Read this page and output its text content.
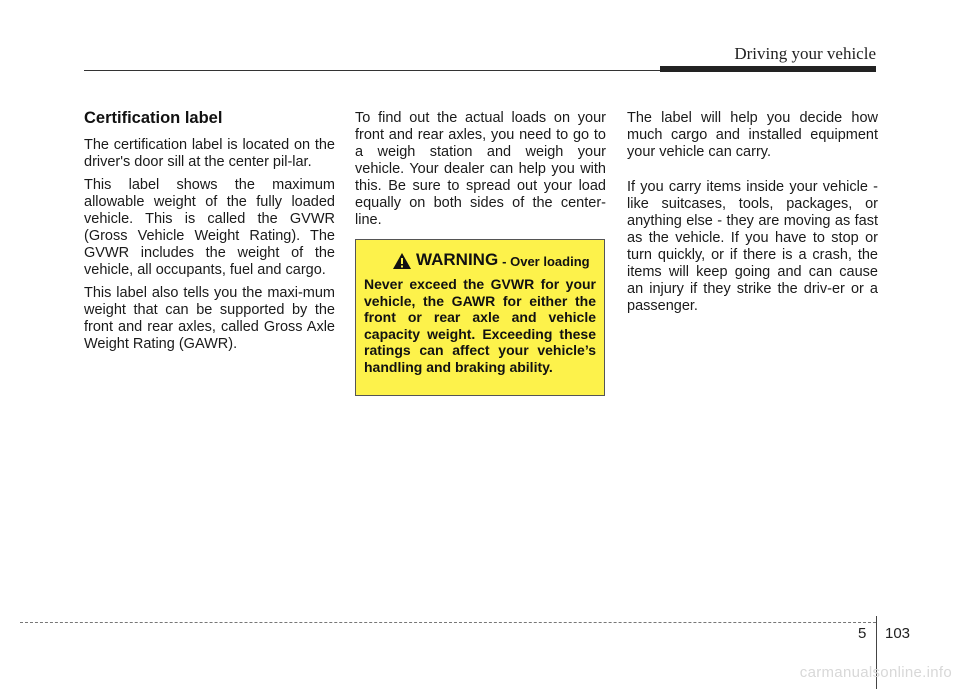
Driving your vehicle
Certification label

The certification label is located on the driver's door sill at the center pil-lar.

This label shows the maximum allowable weight of the fully loaded vehicle. This is called the GVWR (Gross Vehicle Weight Rating). The GVWR includes the weight of the vehicle, all occupants, fuel and cargo.

This label also tells you the maxi-mum weight that can be supported by the front and rear axles, called Gross Axle Weight Rating (GAWR).

To find out the actual loads on your front and rear axles, you need to go to a weigh station and weigh your vehicle. Your dealer can help you with this. Be sure to spread out your load equally on both sides of the center-line.

WARNING - Over loading
Never exceed the GVWR for your vehicle, the GAWR for either the front or rear axle and vehicle capacity weight. Exceeding these ratings can affect your vehicle’s handling and braking ability.

The label will help you decide how much cargo and installed equipment your vehicle can carry.

If you carry items inside your vehicle - like suitcases, tools, packages, or anything else - they are moving as fast as the vehicle. If you have to stop or turn quickly, or if there is a crash, the items will keep going and can cause an injury if they strike the driv-er or a passenger.

5 103
carmanualsonline.info
